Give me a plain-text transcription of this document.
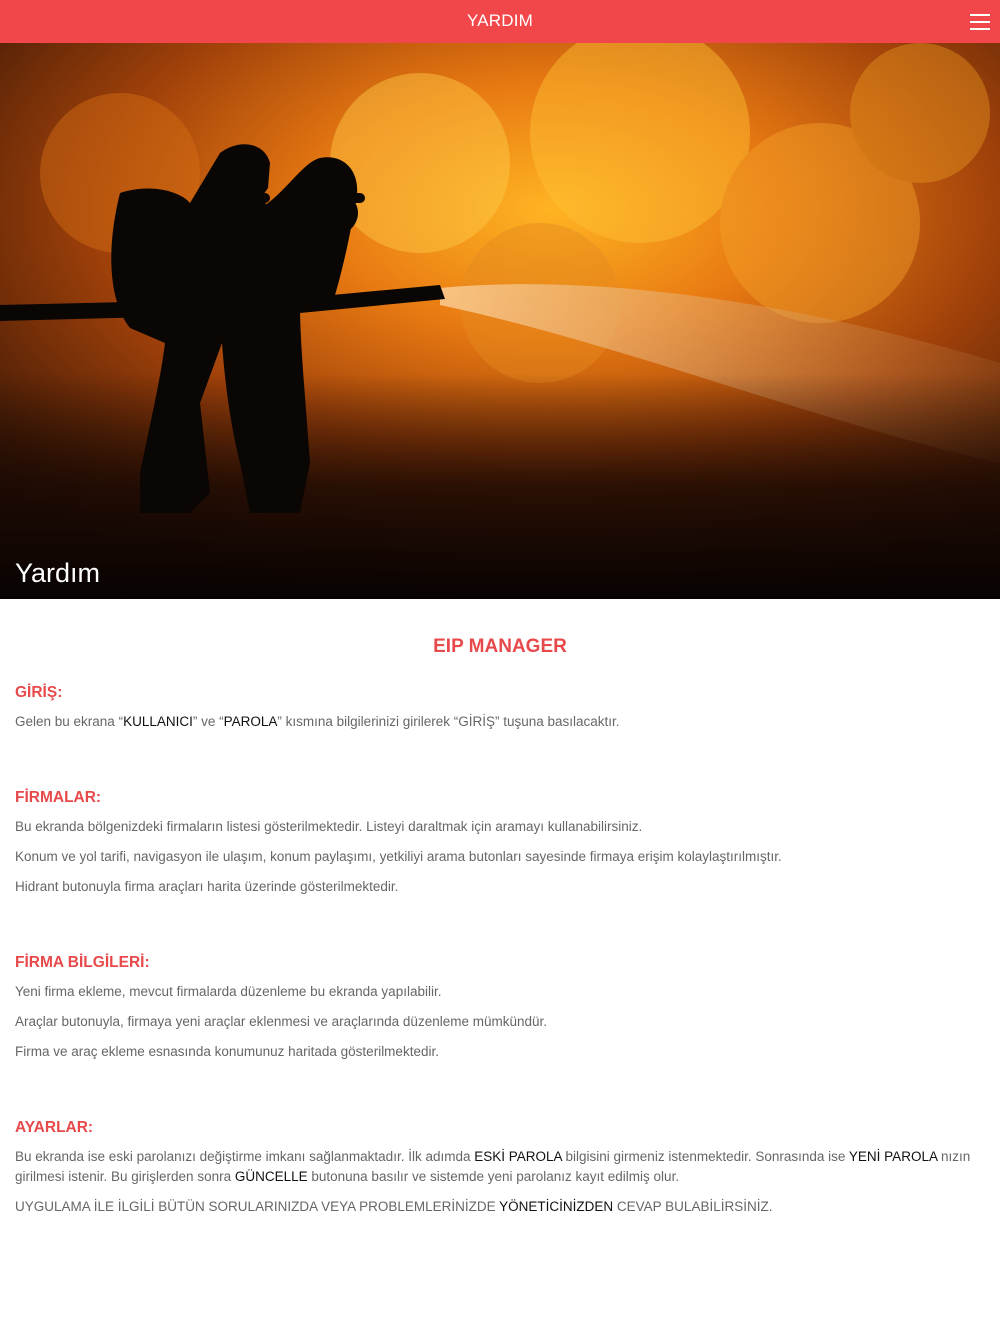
YARDIM
Yardım
EIP MANAGER
GİRİŞ:

Gelen bu ekrana “KULLANICI” ve “PAROLA” kısmına bilgilerinizi girilerek “GİRİŞ” tuşuna basılacaktır.

FİRMALAR:

Bu ekranda bölgenizdeki firmaların listesi gösterilmektedir. Listeyi daraltmak için aramayı kullanabilirsiniz.

Konum ve yol tarifi, navigasyon ile ulaşım, konum paylaşımı, yetkiliyi arama butonları sayesinde firmaya erişim kolaylaştırılmıştır.

Hidrant butonuyla firma araçları harita üzerinde gösterilmektedir.

FİRMA BİLGİLERİ:

Yeni firma ekleme, mevcut firmalarda düzenleme bu ekranda yapılabilir.

Araçlar butonuyla, firmaya yeni araçlar eklenmesi ve araçlarında düzenleme mümkündür.

Firma ve araç ekleme esnasında konumunuz haritada gösterilmektedir.

AYARLAR:

Bu ekranda ise eski parolanızı değiştirme imkanı sağlanmaktadır. İlk adımda ESKİ PAROLA bilgisini girmeniz istenmektedir. Sonrasında ise YENİ PAROLA nızın girilmesi istenir. Bu girişlerden sonra GÜNCELLE butonuna basılır ve sistemde yeni parolanız kayıt edilmiş olur.

UYGULAMA İLE İLGİLİ BÜTÜN SORULARINIZDA VEYA PROBLEMLERİNİZDE YÖNETİCİNİZDEN CEVAP BULABİLİRSİNİZ.
